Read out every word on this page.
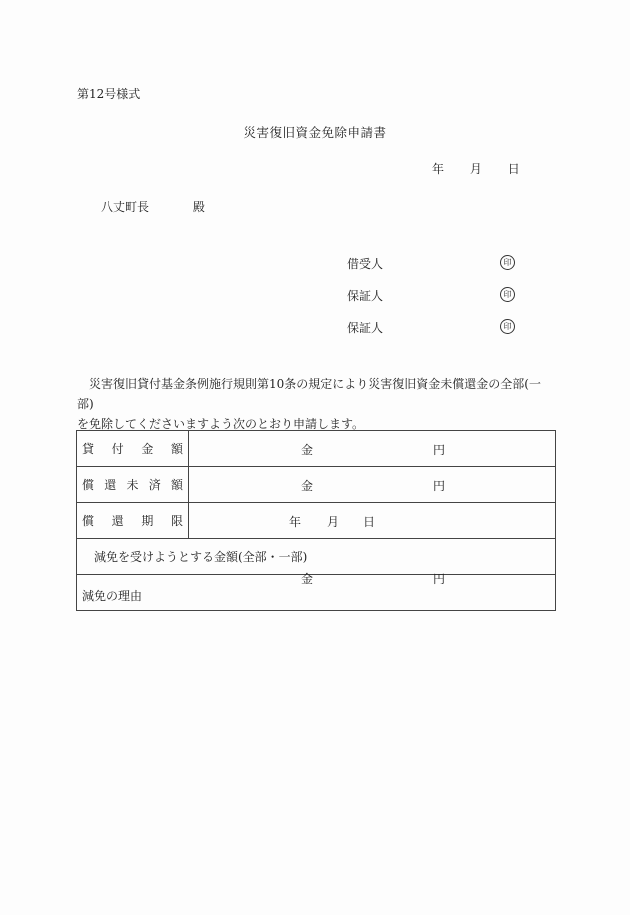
第12号様式
災害復旧資金免除申請書
年 月 日
八丈町長	殿
借受人	印
保証人	印
保証人	印
災害復旧貸付基金条例施行規則第10条の規定により災害復旧資金未償還金の全部(一部)
を免除してくださいますよう次のとおり申請します。
貸 付 金 額	金 円

償 還 未 済 額	金 円

償 還 期 限	年 月 日

減免を受けようとする金額(全部・一部)
金 円	

減免の理由	
